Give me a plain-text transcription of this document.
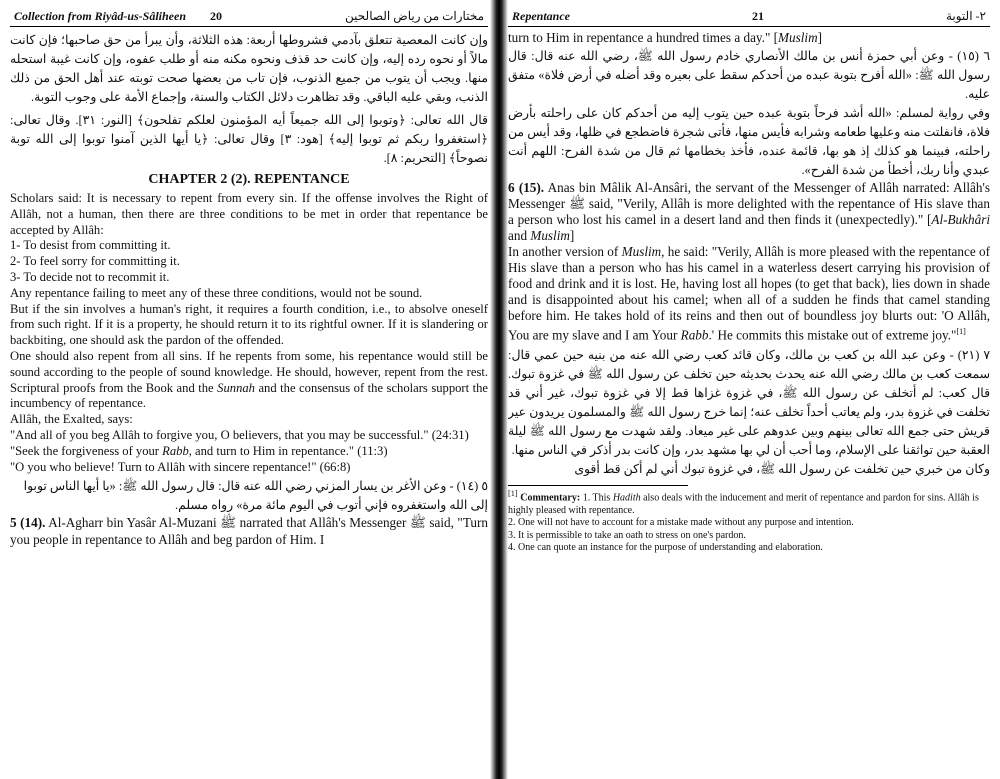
Collection from Riyâd-us-Sâliheen 20	مختارات من رياض الصالحين

وإن كانت المعصية تتعلق بآدمي فشروطها أربعة: هذه الثلاثة، وأن يبرأ من حق صاحبها؛ فإن كانت مالاً أو نحوه رده إليه، وإن كانت حد قذف ونحوه مكنه منه أو طلب عفوه، وإن كانت غيبة استحله منها. ويجب أن يتوب من جميع الذنوب، فإن تاب من بعضها صحت توبته عند أهل الحق من ذلك الذنب، وبقي عليه الباقي. وقد تظاهرت دلائل الكتاب والسنة، وإجماع الأمة على وجوب التوبة.

قال الله تعالى: ﴿وتوبوا إلى الله جميعاً أيه المؤمنون لعلكم تفلحون﴾ [النور: ٣١]. وقال تعالى: ﴿استغفروا ربكم ثم توبوا إليه﴾ [هود: ٣] وقال تعالى: ﴿يا أيها الذين آمنوا توبوا إلى الله توبة نصوحاً﴾ [التحريم: ٨].

CHAPTER 2 (2). REPENTANCE

Scholars said: It is necessary to repent from every sin. If the offense involves the Right of Allâh, not a human, then there are three conditions to be met in order that repentance be accepted by Allâh:

1- To desist from committing it.

2- To feel sorry for committing it.

3- To decide not to recommit it.

Any repentance failing to meet any of these three conditions, would not be sound.

But if the sin involves a human's right, it requires a fourth condition, i.e., to absolve oneself from such right. If it is a property, he should return it to its rightful owner. If it is slandering or backbiting, one should ask the pardon of the offended.

One should also repent from all sins. If he repents from some, his repentance would still be sound according to the people of sound knowledge. He should, however, repent from the rest. Scriptural proofs from the Book and the Sunnah and the consensus of the scholars support the incumbency of repentance.

Allâh, the Exalted, says:

"And all of you beg Allâh to forgive you, O believers, that you may be successful." (24:31)

"Seek the forgiveness of your Rabb, and turn to Him in repentance." (11:3)

"O you who believe! Turn to Allâh with sincere repentance!" (66:8)

٥ (١٤) - وعن الأغر بن يسار المزني رضي الله عنه قال: قال رسول الله ﷺ: «يا أيها الناس توبوا إلى الله واستغفروه فإني أتوب في اليوم مائة مرة» رواه مسلم.

5 (14). Al-Agharr bin Yasâr Al-Muzani ﷺ narrated that Allâh's Messenger ﷺ said, "Turn you people in repentance to Allâh and beg pardon of Him. I

Repentance	21	٢- التوبة

turn to Him in repentance a hundred times a day." [Muslim]

٦ (١٥) - وعن أبي حمزة أنس بن مالك الأنصاري خادم رسول الله ﷺ، رضي الله عنه قال: قال رسول الله ﷺ: «الله أفرح بتوبة عبده من أحدكم سقط على بعيره وقد أضله في أرض فلاة» متفق عليه.

وفي رواية لمسلم: «الله أشد فرحاً بتوبة عبده حين يتوب إليه من أحدكم كان على راحلته بأرض فلاة، فانفلتت منه وعليها طعامه وشرابه فأيس منها، فأتى شجرة فاضطجع في ظلها، وقد أيس من راحلته، فبينما هو كذلك إذ هو بها، قائمة عنده، فأخذ بخطامها ثم قال من شدة الفرح: اللهم أنت عبدي وأنا ربك، أخطأ من شدة الفرح».

6 (15). Anas bin Mâlik Al-Ansâri, the servant of the Messenger of Allâh narrated: Allâh's Messenger ﷺ said, "Verily, Allâh is more delighted with the repentance of His slave than a person who lost his camel in a desert land and then finds it (unexpectedly)." [Al-Bukhâri and Muslim]

In another version of Muslim, he said: "Verily, Allâh is more pleased with the repentance of His slave than a person who has his camel in a waterless desert carrying his provision of food and drink and it is lost. He, having lost all hopes (to get that back), lies down in shade and is disappointed about his camel; when all of a sudden he finds that camel standing before him. He takes hold of its reins and then out of boundless joy blurts out: 'O Allâh, You are my slave and I am Your Rabb.' He commits this mistake out of extreme joy."[1]

٧ (٢١) - وعن عبد الله بن كعب بن مالك، وكان قائد كعب رضي الله عنه من بنيه حين عمي قال: سمعت كعب بن مالك رضي الله عنه يحدث بحديثه حين تخلف عن رسول الله ﷺ في غزوة تبوك. قال كعب: لم أتخلف عن رسول الله ﷺ، في غزوة غزاها قط إلا في غزوة تبوك، غير أني قد تخلفت في غزوة بدر، ولم يعاتب أحداً تخلف عنه؛ إنما خرج رسول الله ﷺ والمسلمون يريدون عير قريش حتى جمع الله تعالى بينهم وبين عدوهم على غير ميعاد. ولقد شهدت مع رسول الله ﷺ ليلة العقبة حين تواثقنا على الإسلام، وما أحب أن لي بها مشهد بدر، وإن كانت بدر أذكر في الناس منها.

وكان من خبري حين تخلفت عن رسول الله ﷺ، في غزوة تبوك أني لم أكن قط أقوى

[1] Commentary: 1. This Hadith also deals with the inducement and merit of repentance and pardon for sins. Allâh is highly pleased with repentance.

2. One will not have to account for a mistake made without any purpose and intention.

3. It is permissible to take an oath to stress on one's pardon.

4. One can quote an instance for the purpose of understanding and elaboration.
